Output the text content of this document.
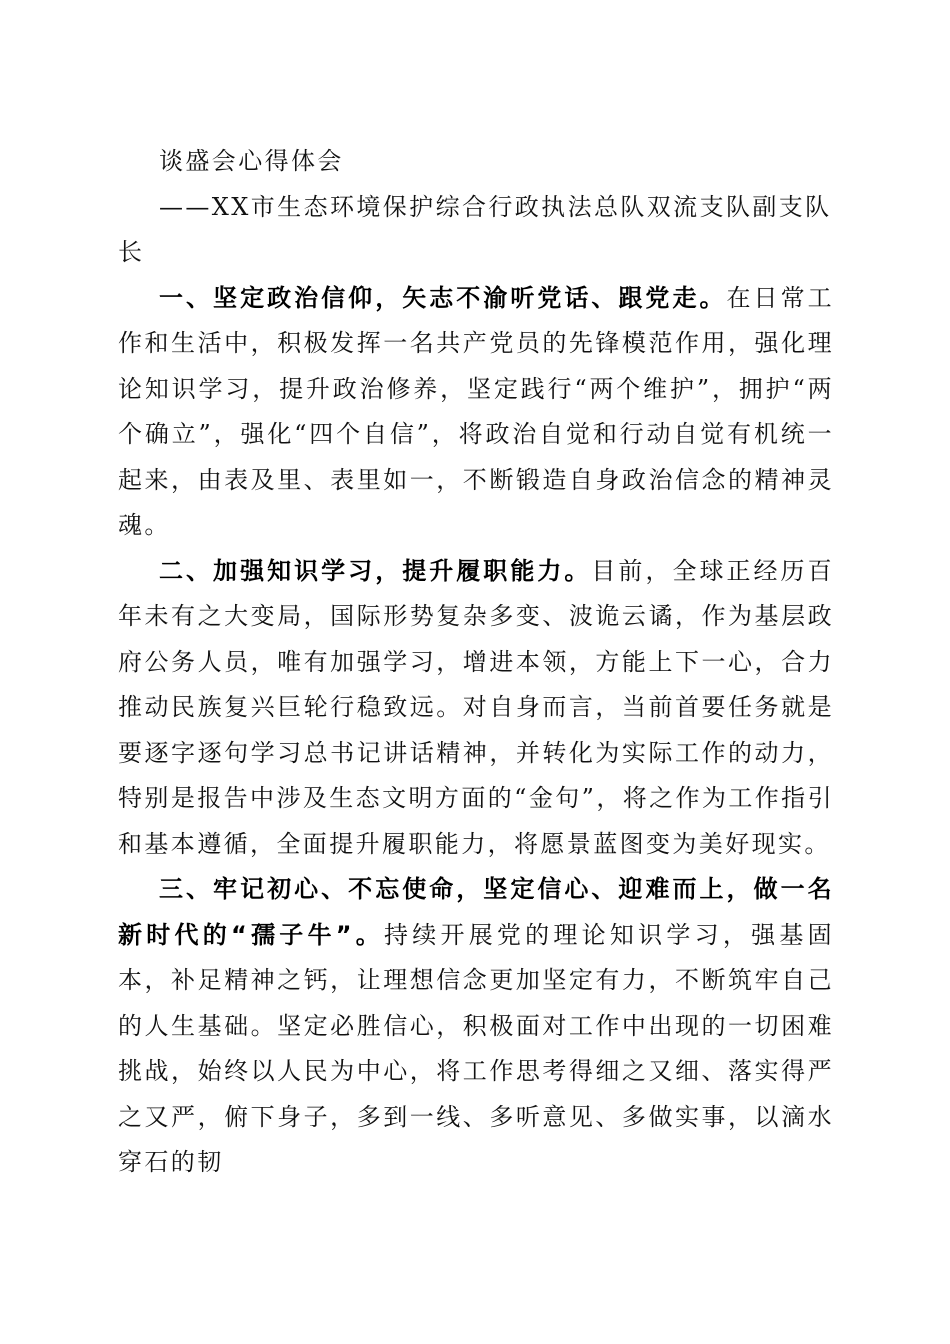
谈盛会心得体会
——XX市生态环境保护综合行政执法总队双流支队副支队长

一、坚定政治信仰，矢志不渝听党话、跟党走。在日常工作和生活中，积极发挥一名共产党员的先锋模范作用，强化理论知识学习，提升政治修养，坚定践行“两个维护”，拥护“两个确立”，强化“四个自信”，将政治自觉和行动自觉有机统一起来，由表及里、表里如一，不断锻造自身政治信念的精神灵魂。

二、加强知识学习，提升履职能力。目前，全球正经历百年未有之大变局，国际形势复杂多变、波诡云谲，作为基层政府公务人员，唯有加强学习，增进本领，方能上下一心，合力推动民族复兴巨轮行稳致远。对自身而言，当前首要任务就是要逐字逐句学习总书记讲话精神，并转化为实际工作的动力，特别是报告中涉及生态文明方面的“金句”，将之作为工作指引和基本遵循，全面提升履职能力，将愿景蓝图变为美好现实。

三、牢记初心、不忘使命，坚定信心、迎难而上，做一名新时代的“孺子牛”。持续开展党的理论知识学习，强基固本，补足精神之钙，让理想信念更加坚定有力，不断筑牢自己的人生基础。坚定必胜信心，积极面对工作中出现的一切困难挑战，始终以人民为中心，将工作思考得细之又细、落实得严之又严，俯下身子，多到一线、多听意见、多做实事，以滴水穿石的韧
